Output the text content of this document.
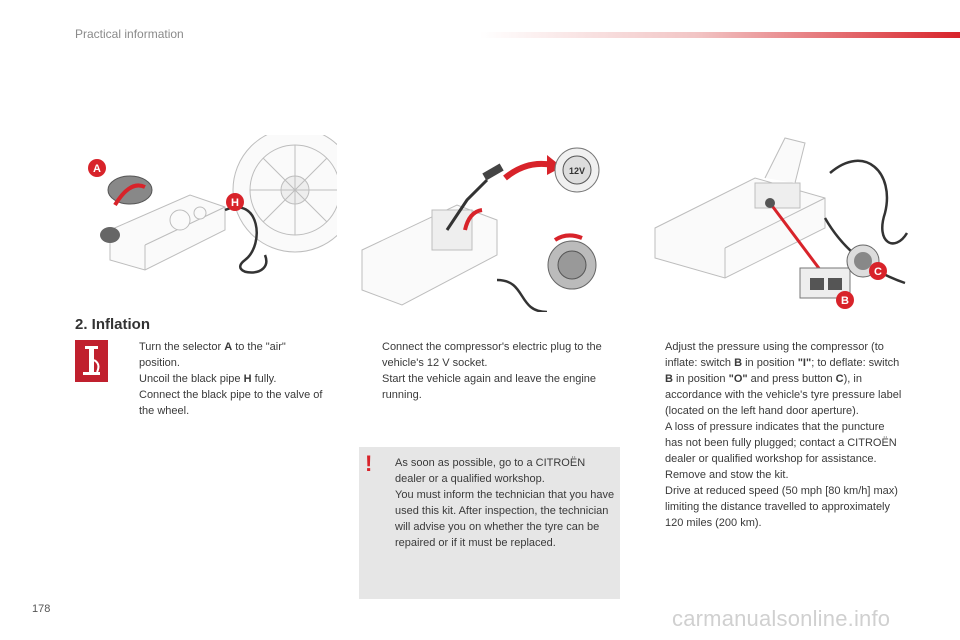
Practical information
A
H
12V
C
B
2. Inflation
Turn the selector A to the "air" position.
Uncoil the black pipe H fully.
Connect the black pipe to the valve of the wheel.
Connect the compressor's electric plug to the vehicle's 12 V socket.
Start the vehicle again and leave the engine running.
! As soon as possible, go to a CITROËN dealer or a qualified workshop.

You must inform the technician that you have used this kit. After inspection, the technician will advise you on whether the tyre can be repaired or if it must be replaced.

Adjust the pressure using the compressor (to inflate: switch B in position "I"; to deflate: switch B in position "O" and press button C), in accordance with the vehicle's tyre pressure label (located on the left hand door aperture).

A loss of pressure indicates that the puncture has not been fully plugged; contact a CITROËN dealer or qualified workshop for assistance.

Remove and stow the kit.
Drive at reduced speed (50 mph [80 km/h] max) limiting the distance travelled to approximately 120 miles (200 km).
178	carmanualsonline.info
